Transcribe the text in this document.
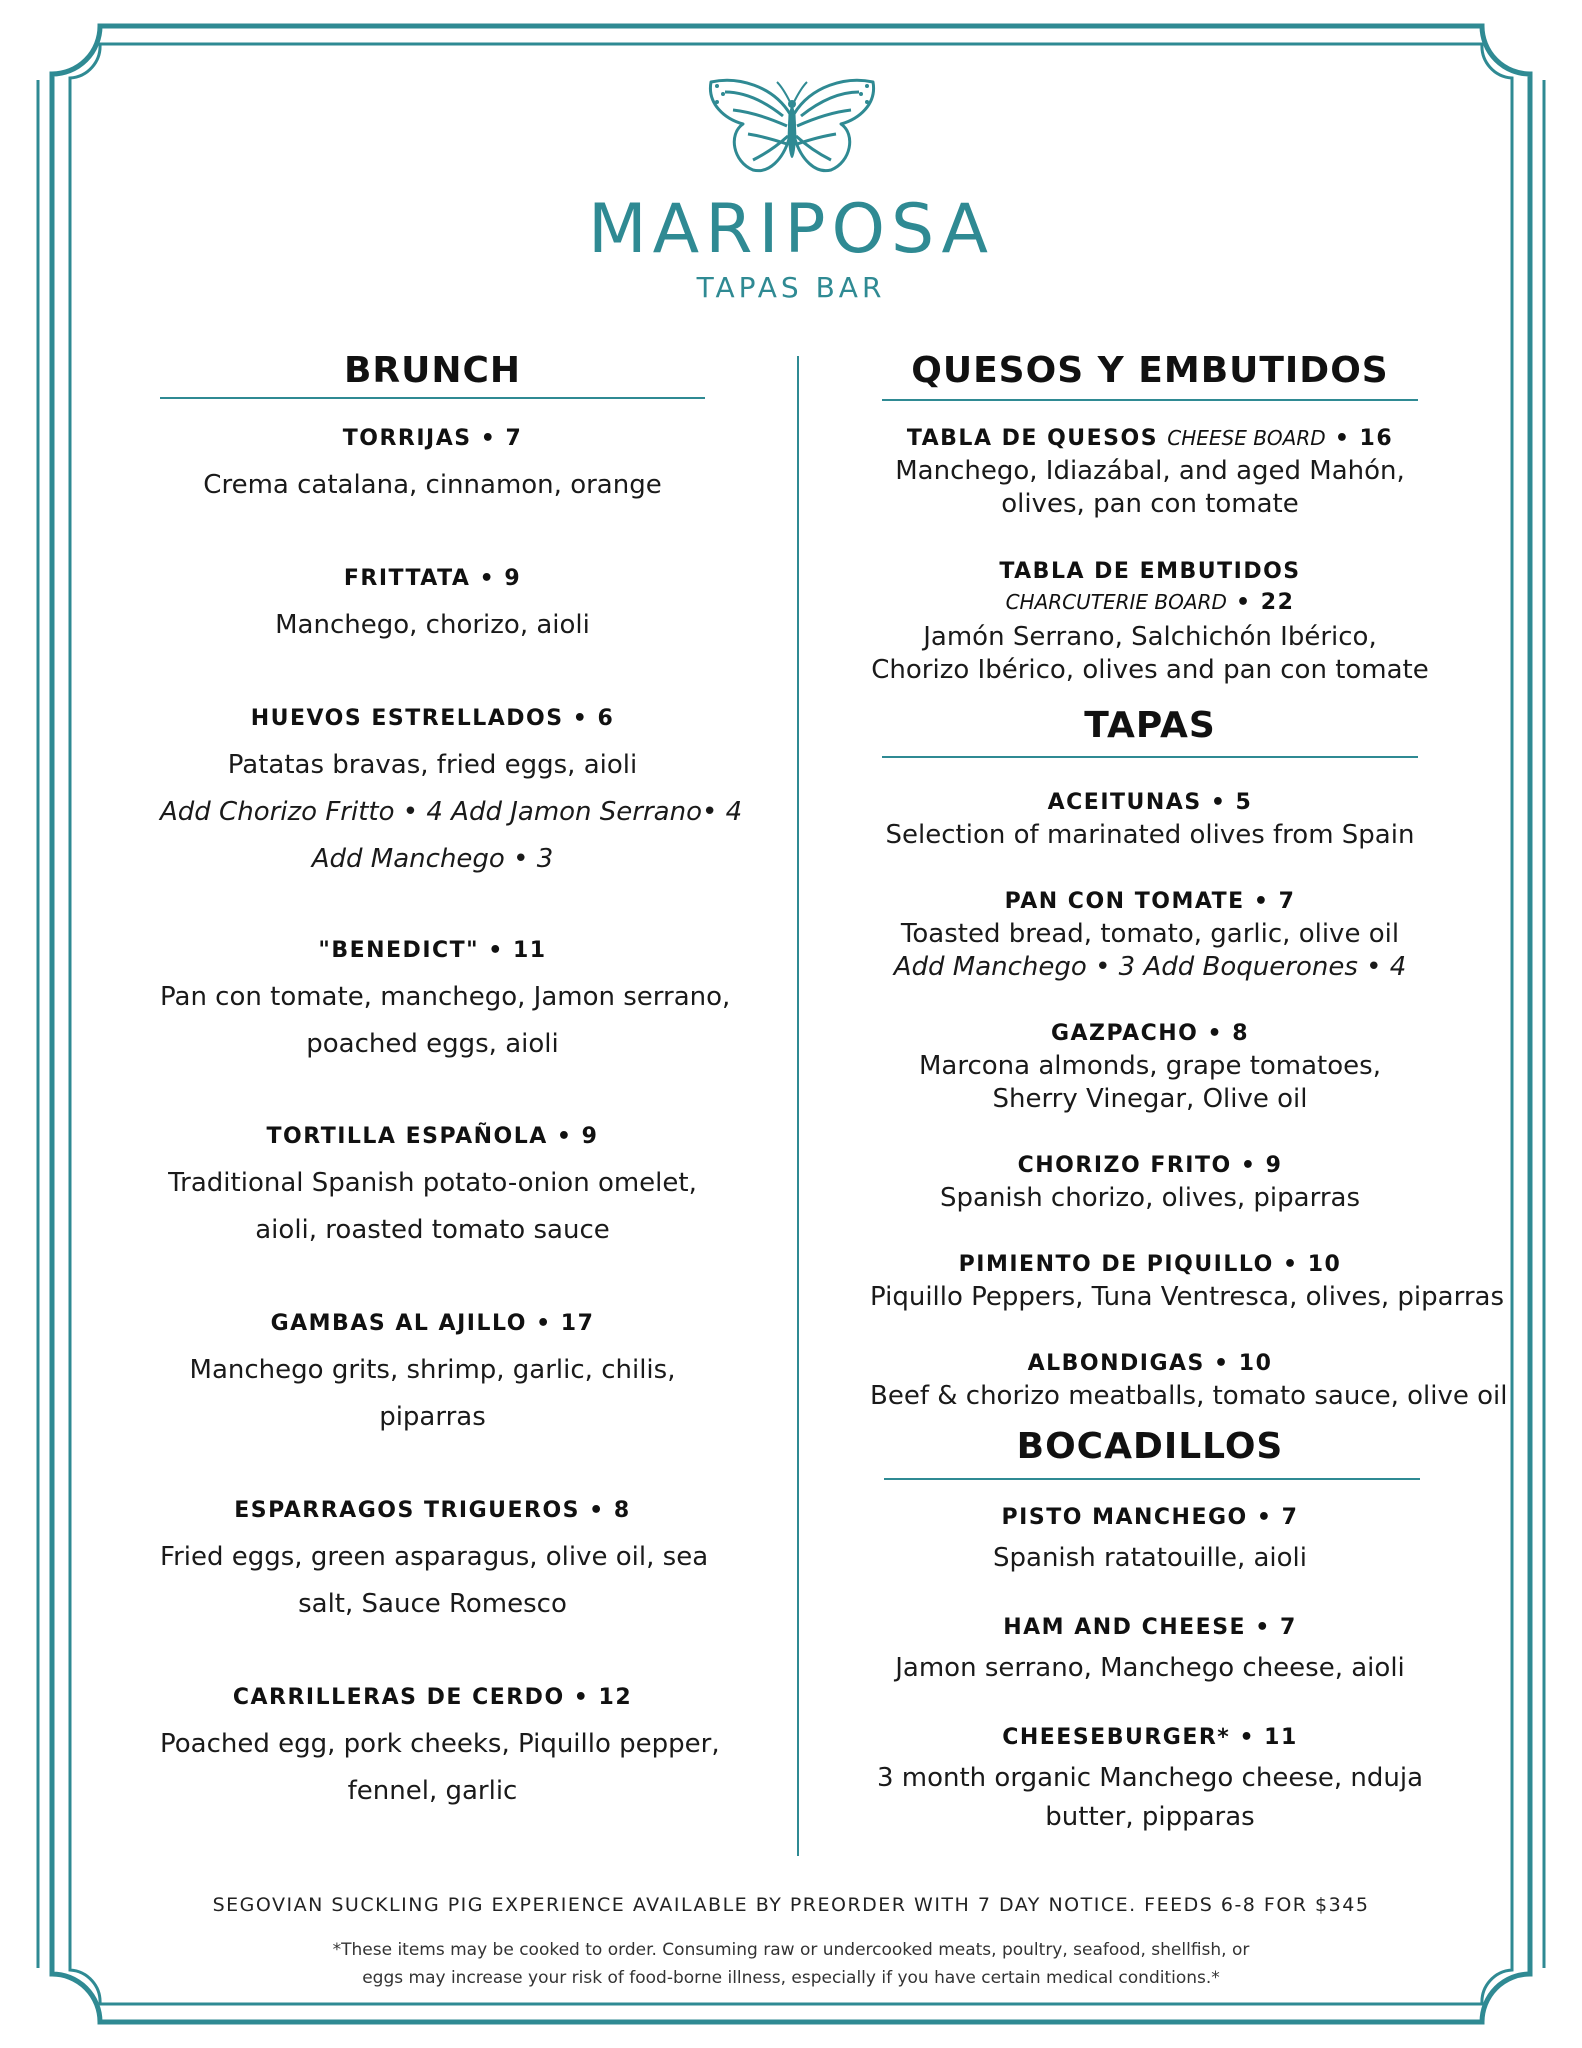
MARIPOSA
TAPAS BAR
BRUNCH
TORRIJAS • 7
Crema catalana, cinnamon, orange
FRITTATA • 9
Manchego, chorizo, aioli
HUEVOS ESTRELLADOS • 6
Patatas bravas, fried eggs, aioli
Add Chorizo Fritto • 4 Add Jamon Serrano• 4
Add Manchego • 3
"BENEDICT" • 11
Pan con tomate, manchego, Jamon serrano,
poached eggs, aioli
TORTILLA ESPAÑOLA • 9
Traditional Spanish potato-onion omelet,
aioli, roasted tomato sauce
GAMBAS AL AJILLO • 17
Manchego grits, shrimp, garlic, chilis,
piparras
ESPARRAGOS TRIGUEROS • 8
Fried eggs, green asparagus, olive oil, sea
salt, Sauce Romesco
CARRILLERAS DE CERDO • 12
Poached egg, pork cheeks, Piquillo pepper,
fennel, garlic
QUESOS Y EMBUTIDOS
TABLA DE QUESOS CHEESE BOARD • 16
Manchego, Idiazábal, and aged Mahón,
olives, pan con tomate
TABLA DE EMBUTIDOS
CHARCUTERIE BOARD • 22
Jamón Serrano, Salchichón Ibérico,
Chorizo Ibérico, olives and pan con tomate
TAPAS
ACEITUNAS • 5
Selection of marinated olives from Spain
PAN CON TOMATE • 7
Toasted bread, tomato, garlic, olive oil
Add Manchego • 3 Add Boquerones • 4
GAZPACHO • 8
Marcona almonds, grape tomatoes,
Sherry Vinegar, Olive oil
CHORIZO FRITO • 9
Spanish chorizo, olives, piparras
PIMIENTO DE PIQUILLO • 10
Piquillo Peppers, Tuna Ventresca, olives, piparras
ALBONDIGAS • 10
Beef & chorizo meatballs, tomato sauce, olive oil
BOCADILLOS
PISTO MANCHEGO • 7
Spanish ratatouille, aioli
HAM AND CHEESE • 7
Jamon serrano, Manchego cheese, aioli
CHEESEBURGER* • 11
3 month organic Manchego cheese, nduja
butter, pipparas
SEGOVIAN SUCKLING PIG EXPERIENCE AVAILABLE BY PREORDER WITH 7 DAY NOTICE. FEEDS 6-8 FOR $345
*These items may be cooked to order. Consuming raw or undercooked meats, poultry, seafood, shellfish, or
eggs may increase your risk of food-borne illness, especially if you have certain medical conditions.*
